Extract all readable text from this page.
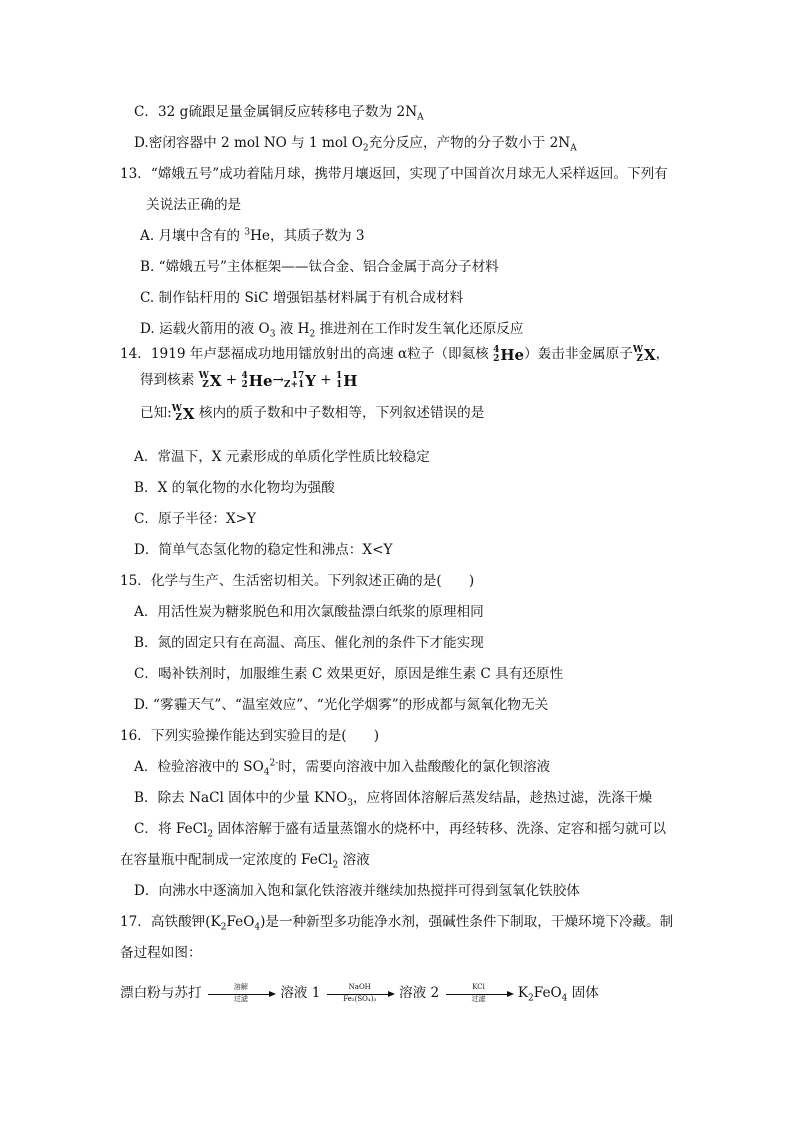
C．32 g硫跟足量金属铜反应转移电子数为 $2N_A$
D.密闭容器中 2 mol NO 与 1 mol $O_2$充分反应，产物的分子数小于 $2N_A$
13．“嫦娥五号”成功着陆月球，携带月壤返回，实现了中国首次月球无人采样返回。下列有
关说法正确的是
A. 月壤中含有的 $^3$He，其质子数为 3
B. “嫦娥五号”主体框架——钛合金、铝合金属于高分子材料
C. 制作钻杆用的 SiC 增强铝基材料属于有机合成材料
D. 运载火箭用的液 $O_3$ 液 $H_2$ 推进剂在工作时发生氧化还原反应
14．1919 年卢瑟福成功地用镭放射出的高速 α粒子（即氦核 4
2 He ）轰击非金属原子 W
Z X ，
得到核素 W
Z X + 4
2 He → 17
Z+1 Y + 1
1 H
已知: W
Z X 核内的质子数和中子数相等，下列叙述错误的是
A．常温下，X 元素形成的单质化学性质比较稳定
B．X 的氧化物的水化物均为强酸
C．原子半径：X>Y
D．简单气态氢化物的稳定性和沸点：X<Y
15．化学与生产、生活密切相关。下列叙述正确的是(　　)
A．用活性炭为糖浆脱色和用次氯酸盐漂白纸浆的原理相同
B．氮的固定只有在高温、高压、催化剂的条件下才能实现
C．喝补铁剂时，加服维生素 C 效果更好，原因是维生素 C 具有还原性
D. “雾霾天气”、“温室效应”、“光化学烟雾”的形成都与氮氧化物无关
16．下列实验操作能达到实验目的是(　　)
A．检验溶液中的 $SO_4^{2-}$时，需要向溶液中加入盐酸酸化的氯化钡溶液
B．除去 NaCl 固体中的少量 $KNO_3$，应将固体溶解后蒸发结晶，趁热过滤，洗涤干燥
C．将 FeCl$_2$ 固体溶解于盛有适量蒸馏水的烧杯中，再经转移、洗涤、定容和摇匀就可以
在容量瓶中配制成一定浓度的 FeCl$_2$ 溶液
D．向沸水中逐滴加入饱和氯化铁溶液并继续加热搅拌可得到氢氧化铁胶体
17．高铁酸钾$(K_2FeO_4)$是一种新型多功能净水剂，强碱性条件下制取，干燥环境下冷藏。制
备过程如图：
漂白粉与苏打	溶解
过滤	溶液 1	NaOH
Fe₂(SO₄)₃	溶液 2	KCl
过滤	$K_2FeO_4$ 固体
